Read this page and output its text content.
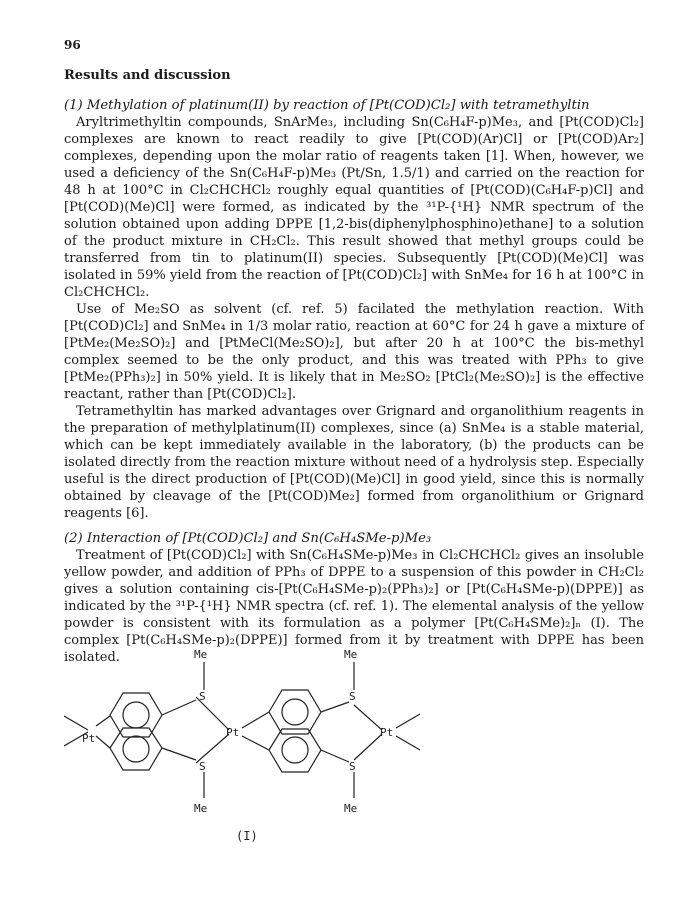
96
Results and discussion
(1) Methylation of platinum(II) by reaction of [Pt(COD)Cl₂] with tetramethyltin

Aryltrimethyltin compounds, SnArMe₃, including Sn(C₆H₄F-p)Me₃, and [Pt(COD)Cl₂] complexes are known to react readily to give [Pt(COD)(Ar)Cl] or [Pt(COD)Ar₂] complexes, depending upon the molar ratio of reagents taken [1]. When, however, we used a deficiency of the Sn(C₆H₄F-p)Me₃ (Pt/Sn, 1.5/1) and carried on the reaction for 48 h at 100°C in Cl₂CHCHCl₂ roughly equal quantities of [Pt(COD)(C₆H₄F-p)Cl] and [Pt(COD)(Me)Cl] were formed, as indicated by the ³¹P-{¹H} NMR spectrum of the solution obtained upon adding DPPE [1,2-bis(diphenylphosphino)ethane] to a solution of the product mixture in CH₂Cl₂. This result showed that methyl groups could be transferred from tin to platinum(II) species. Subsequently [Pt(COD)(Me)Cl] was isolated in 59% yield from the reaction of [Pt(COD)Cl₂] with SnMe₄ for 16 h at 100°C in Cl₂CHCHCl₂.

Use of Me₂SO as solvent (cf. ref. 5) facilated the methylation reaction. With [Pt(COD)Cl₂] and SnMe₄ in 1/3 molar ratio, reaction at 60°C for 24 h gave a mixture of [PtMe₂(Me₂SO)₂] and [PtMeCl(Me₂SO)₂], but after 20 h at 100°C the bis-methyl complex seemed to be the only product, and this was treated with PPh₃ to give [PtMe₂(PPh₃)₂] in 50% yield. It is likely that in Me₂SO₂ [PtCl₂(Me₂SO)₂] is the effective reactant, rather than [Pt(COD)Cl₂].

Tetramethyltin has marked advantages over Grignard and organolithium reagents in the preparation of methylplatinum(II) complexes, since (a) SnMe₄ is a stable material, which can be kept immediately available in the laboratory, (b) the products can be isolated directly from the reaction mixture without need of a hydrolysis step. Especially useful is the direct production of [Pt(COD)(Me)Cl] in good yield, since this is normally obtained by cleavage of the [Pt(COD)Me₂] formed from organolithium or Grignard reagents [6].

(2) Interaction of [Pt(COD)Cl₂] and Sn(C₆H₄SMe-p)Me₃

Treatment of [Pt(COD)Cl₂] with Sn(C₆H₄SMe-p)Me₃ in Cl₂CHCHCl₂ gives an insoluble yellow powder, and addition of PPh₃ of DPPE to a suspension of this powder in CH₂Cl₂ gives a solution containing cis-[Pt(C₆H₄SMe-p)₂(PPh₃)₂] or [Pt(C₆H₄SMe-p)(DPPE)] as indicated by the ³¹P-{¹H} NMR spectra (cf. ref. 1). The elemental analysis of the yellow powder is consistent with its formulation as a polymer [Pt(C₆H₄SMe)₂]ₙ (I). The complex [Pt(C₆H₄SMe-p)₂(DPPE)] formed from it by treatment with DPPE has been isolated.

Pt	Pt	Pt
S
S
S
S
Me
Me
Me
Me
(I)
